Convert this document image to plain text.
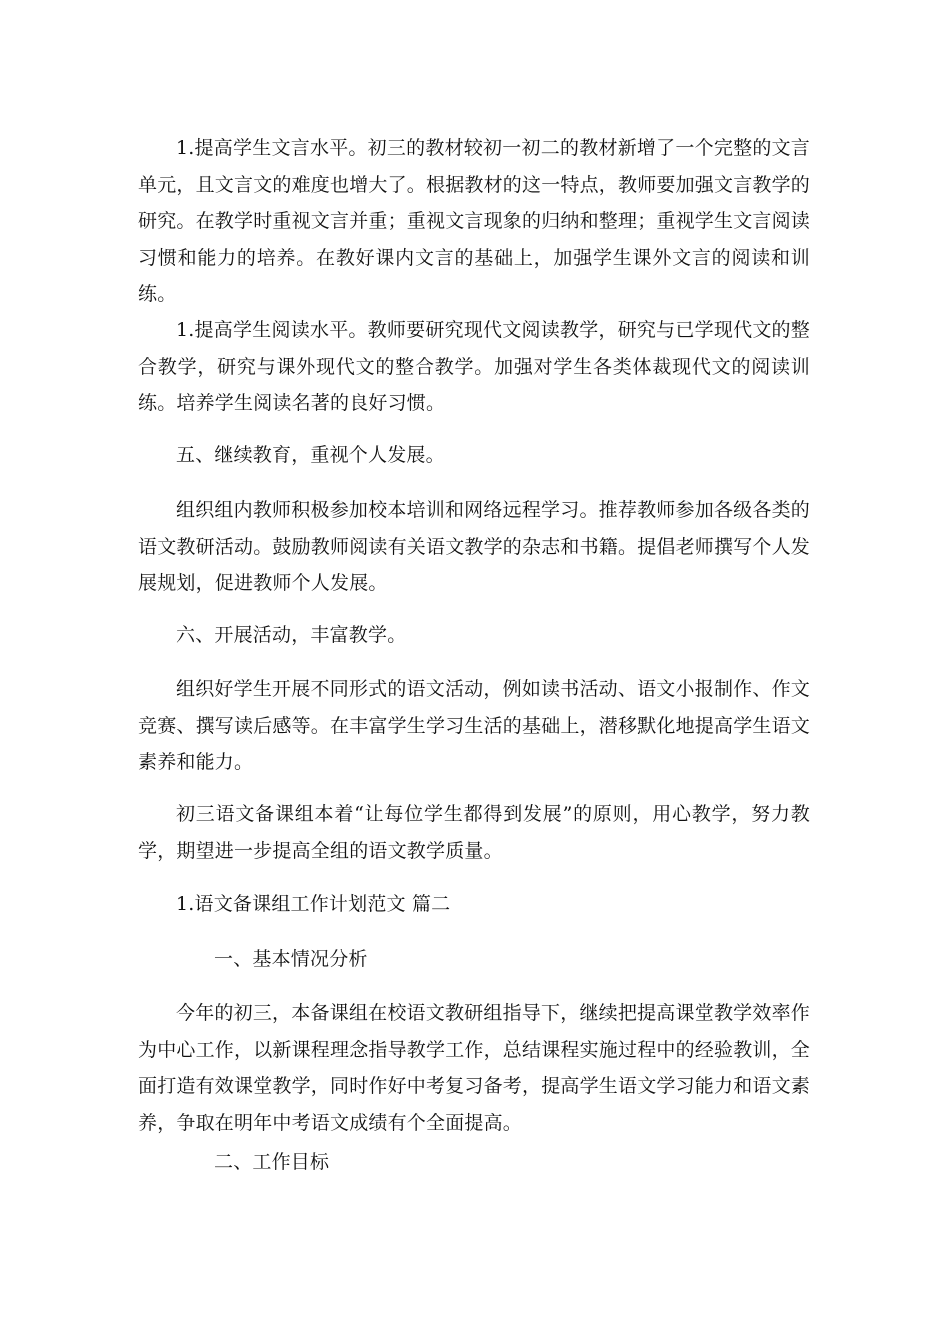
1.提高学生文言水平。初三的教材较初一初二的教材新增了一个完整的文言单元，且文言文的难度也增大了。根据教材的这一特点，教师要加强文言教学的研究。在教学时重视文言并重；重视文言现象的归纳和整理；重视学生文言阅读习惯和能力的培养。在教好课内文言的基础上，加强学生课外文言的阅读和训练。

1.提高学生阅读水平。教师要研究现代文阅读教学，研究与已学现代文的整合教学，研究与课外现代文的整合教学。加强对学生各类体裁现代文的阅读训练。培养学生阅读名著的良好习惯。

五、继续教育，重视个人发展。

组织组内教师积极参加校本培训和网络远程学习。推荐教师参加各级各类的语文教研活动。鼓励教师阅读有关语文教学的杂志和书籍。提倡老师撰写个人发展规划，促进教师个人发展。

六、开展活动，丰富教学。

组织好学生开展不同形式的语文活动，例如读书活动、语文小报制作、作文竞赛、撰写读后感等。在丰富学生学习生活的基础上，潜移默化地提高学生语文素养和能力。

初三语文备课组本着“让每位学生都得到发展”的原则，用心教学，努力教学，期望进一步提高全组的语文教学质量。

1.语文备课组工作计划范文 篇二

一、基本情况分析

今年的初三，本备课组在校语文教研组指导下，继续把提高课堂教学效率作为中心工作，以新课程理念指导教学工作，总结课程实施过程中的经验教训，全面打造有效课堂教学，同时作好中考复习备考，提高学生语文学习能力和语文素养，争取在明年中考语文成绩有个全面提高。

二、工作目标
